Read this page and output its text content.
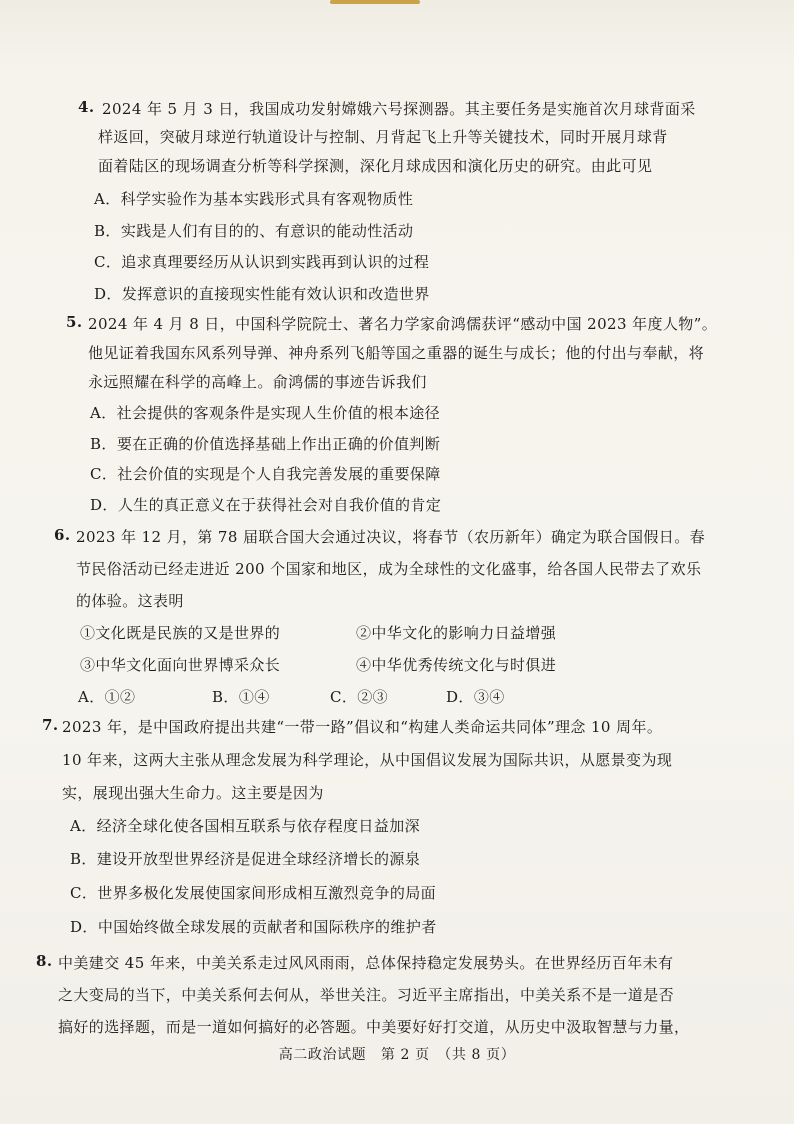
4. 2024 年 5 月 3 日，我国成功发射嫦娥六号探测器。其主要任务是实施首次月球背面采
样返回，突破月球逆行轨道设计与控制、月背起飞上升等关键技术，同时开展月球背
面着陆区的现场调查分析等科学探测，深化月球成因和演化历史的研究。由此可见
A．科学实验作为基本实践形式具有客观物质性
B．实践是人们有目的的、有意识的能动性活动
C．追求真理要经历从认识到实践再到认识的过程
D．发挥意识的直接现实性能有效认识和改造世界
5. 2024 年 4 月 8 日，中国科学院院士、著名力学家俞鸿儒获评“感动中国 2023 年度人物”。
他见证着我国东风系列导弹、神舟系列飞船等国之重器的诞生与成长；他的付出与奉献，将
永远照耀在科学的高峰上。俞鸿儒的事迹告诉我们
A．社会提供的客观条件是实现人生价值的根本途径
B．要在正确的价值选择基础上作出正确的价值判断
C．社会价值的实现是个人自我完善发展的重要保障
D．人生的真正意义在于获得社会对自我价值的肯定
6. 2023 年 12 月，第 78 届联合国大会通过决议，将春节（农历新年）确定为联合国假日。春
节民俗活动已经走进近 200 个国家和地区，成为全球性的文化盛事，给各国人民带去了欢乐
的体验。这表明
①文化既是民族的又是世界的	②中华文化的影响力日益增强
③中华文化面向世界博采众长	④中华优秀传统文化与时俱进
A．①②	B．①④	C．②③	D．③④
7. 2023 年，是中国政府提出共建“一带一路”倡议和“构建人类命运共同体”理念 10 周年。
10 年来，这两大主张从理念发展为科学理论，从中国倡议发展为国际共识，从愿景变为现
实，展现出强大生命力。这主要是因为
A．经济全球化使各国相互联系与依存程度日益加深
B．建设开放型世界经济是促进全球经济增长的源泉
C．世界多极化发展使国家间形成相互激烈竞争的局面
D．中国始终做全球发展的贡献者和国际秩序的维护者
8. 中美建交 45 年来，中美关系走过风风雨雨，总体保持稳定发展势头。在世界经历百年未有
之大变局的当下，中美关系何去何从，举世关注。习近平主席指出，中美关系不是一道是否
搞好的选择题，而是一道如何搞好的必答题。中美要好好打交道，从历史中汲取智慧与力量，
高二政治试题　第 2 页　（共 8 页）
